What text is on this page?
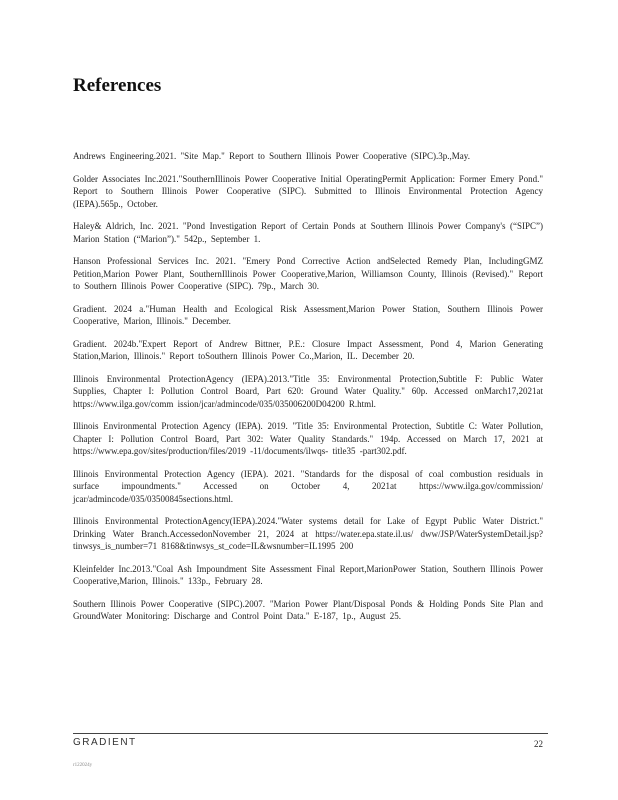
References

Andrews Engineering.2021. "Site Map." Report to Southern Illinois Power Cooperative (SIPC).3p.,May.

Golder Associates Inc.2021."SouthernIllinois Power Cooperative Initial OperatingPermit Application: Former Emery Pond." Report to Southern Illinois Power Cooperative (SIPC). Submitted to Illinois Environmental Protection Agency (IEPA).565p., October.

Haley& Aldrich, Inc. 2021. "Pond Investigation Report of Certain Ponds at Southern Illinois Power Company's (“SIPC”) Marion Station (“Marion”)." 542p., September 1.

Hanson Professional Services Inc. 2021. "Emery Pond Corrective Action andSelected Remedy Plan, IncludingGMZ Petition,Marion Power Plant, SouthernIllinois Power Cooperative,Marion, Williamson County, Illinois (Revised)." Report to Southern Illinois Power Cooperative (SIPC). 79p., March 30.

Gradient. 2024 a."Human Health and Ecological Risk Assessment,Marion Power Station, Southern Illinois Power Cooperative, Marion, Illinois." December.

Gradient. 2024b."Expert Report of Andrew Bittner, P.E.: Closure Impact Assessment, Pond 4, Marion Generating Station,Marion, Illinois." Report toSouthern Illinois Power Co.,Marion, IL. December 20.

Illinois Environmental ProtectionAgency (IEPA).2013."Title 35: Environmental Protection,Subtitle F: Public Water Supplies, Chapter I: Pollution Control Board, Part 620: Ground Water Quality." 60p. Accessed onMarch17,2021at https://www.ilga.gov/comm ission/jcar/admincode/035/035006200D04200 R.html.

Illinois Environmental Protection Agency (IEPA). 2019. "Title 35: Environmental Protection, Subtitle C: Water Pollution, Chapter I: Pollution Control Board, Part 302: Water Quality Standards." 194p. Accessed on March 17, 2021 at https://www.epa.gov/sites/production/files/2019 -11/documents/ilwqs- title35 -part302.pdf.

Illinois Environmental Protection Agency (IEPA). 2021. "Standards for the disposal of coal combustion residuals in surface impoundments." Accessed on October 4, 2021at https://www.ilga.gov/commission/ jcar/admincode/035/03500845sections.html.

Illinois Environmental ProtectionAgency(IEPA).2024."Water systems detail for Lake of Egypt Public Water District." Drinking Water Branch.AccessedonNovember 21, 2024 at https://water.epa.state.il.us/ dww/JSP/WaterSystemDetail.jsp?tinwsys_is_number=71 8168&tinwsys_st_code=IL&wsnumber=IL1995 200

Kleinfelder Inc.2013."Coal Ash Impoundment Site Assessment Final Report,MarionPower Station, Southern Illinois Power Cooperative,Marion, Illinois." 133p., February 28.

Southern Illinois Power Cooperative (SIPC).2007. "Marion Power Plant/Disposal Ponds & Holding Ponds Site Plan and GroundWater Monitoring: Discharge and Control Point Data." E-187, 1p., August 25.

GRADIENT	22
r122024y
